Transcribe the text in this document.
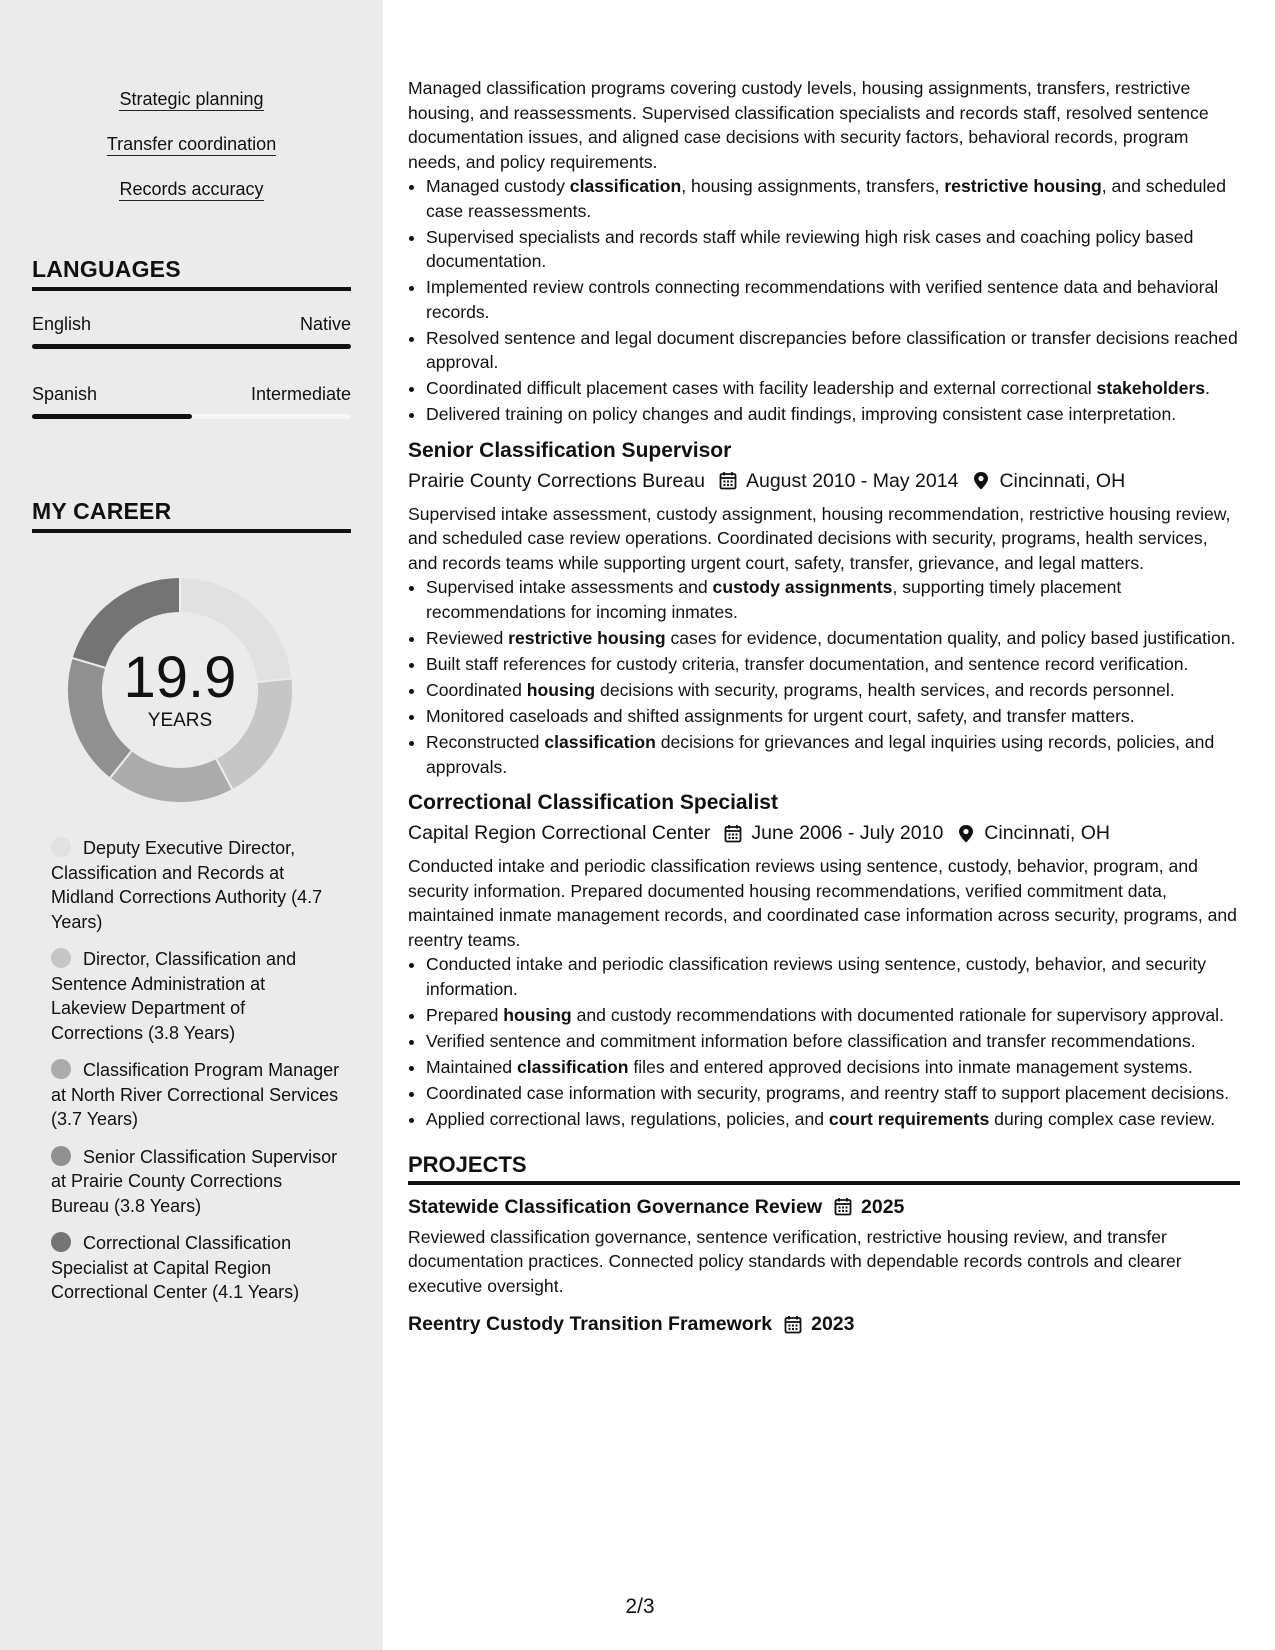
Strategic planning
Transfer coordination
Records accuracy
LANGUAGES
English	Native
Spanish	Intermediate
MY CAREER
19.9
YEARS
Deputy Executive Director, Classification and Records at Midland Corrections Authority (4.7 Years)
Director, Classification and Sentence Administration at Lakeview Department of Corrections (3.8 Years)
Classification Program Manager at North River Correctional Services (3.7 Years)
Senior Classification Supervisor at Prairie County Corrections Bureau (3.8 Years)
Correctional Classification Specialist at Capital Region Correctional Center (4.1 Years)

Managed classification programs covering custody levels, housing assignments, transfers, restrictive housing, and reassessments. Supervised classification specialists and records staff, resolved sentence documentation issues, and aligned case decisions with security factors, behavioral records, program needs, and policy requirements.

• Managed custody classification, housing assignments, transfers, restrictive housing, and scheduled case reassessments.
• Supervised specialists and records staff while reviewing high risk cases and coaching policy based documentation.
• Implemented review controls connecting recommendations with verified sentence data and behavioral records.
• Resolved sentence and legal document discrepancies before classification or transfer decisions reached approval.
• Coordinated difficult placement cases with facility leadership and external correctional stakeholders.
• Delivered training on policy changes and audit findings, improving consistent case interpretation.
Senior Classification Supervisor
Prairie County Corrections Bureau August 2010 - May 2014 Cincinnati, OH

Supervised intake assessment, custody assignment, housing recommendation, restrictive housing review, and scheduled case review operations. Coordinated decisions with security, programs, health services, and records teams while supporting urgent court, safety, transfer, grievance, and legal matters.

• Supervised intake assessments and custody assignments, supporting timely placement recommendations for incoming inmates.
• Reviewed restrictive housing cases for evidence, documentation quality, and policy based justification.
• Built staff references for custody criteria, transfer documentation, and sentence record verification.
• Coordinated housing decisions with security, programs, health services, and records personnel.
• Monitored caseloads and shifted assignments for urgent court, safety, and transfer matters.
• Reconstructed classification decisions for grievances and legal inquiries using records, policies, and approvals.
Correctional Classification Specialist
Capital Region Correctional Center June 2006 - July 2010 Cincinnati, OH

Conducted intake and periodic classification reviews using sentence, custody, behavior, program, and security information. Prepared documented housing recommendations, verified commitment data, maintained inmate management records, and coordinated case information across security, programs, and reentry teams.

• Conducted intake and periodic classification reviews using sentence, custody, behavior, and security information.
• Prepared housing and custody recommendations with documented rationale for supervisory approval.
• Verified sentence and commitment information before classification and transfer recommendations.
• Maintained classification files and entered approved decisions into inmate management systems.
• Coordinated case information with security, programs, and reentry staff to support placement decisions.
• Applied correctional laws, regulations, policies, and court requirements during complex case review.
PROJECTS
Statewide Classification Governance Review 2025

Reviewed classification governance, sentence verification, restrictive housing review, and transfer documentation practices. Connected policy standards with dependable records controls and clearer executive oversight.

Reentry Custody Transition Framework 2023
2/3
